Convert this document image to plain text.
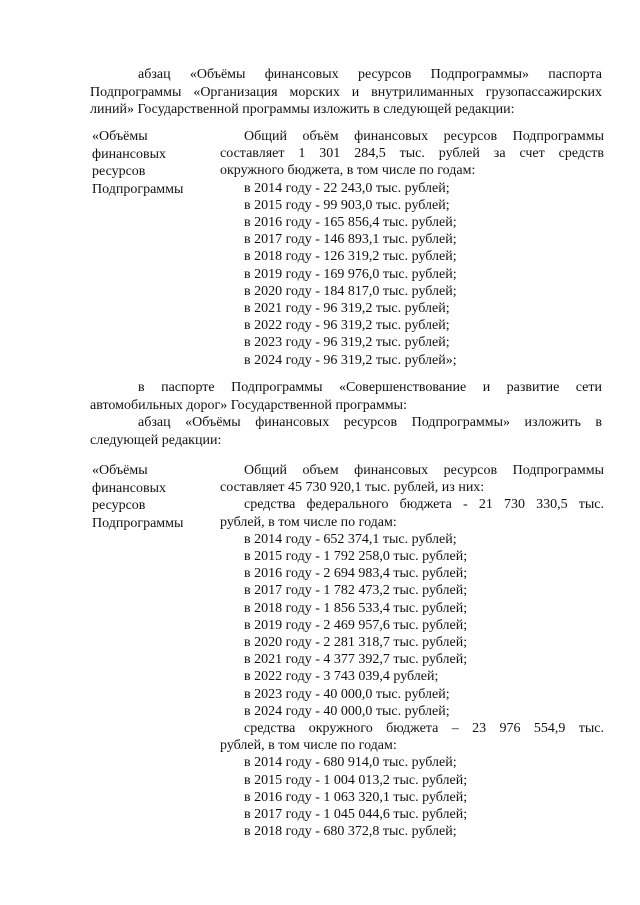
абзац «Объёмы финансовых ресурсов Подпрограммы» паспорта
Подпрограммы «Организация морских и внутрилиманных грузопассажирских
линий» Государственной программы изложить в следующей редакции:
«Объёмы
финансовых
ресурсов
Подпрограммы
Общий объём финансовых ресурсов Подпрограммы
составляет 1 301 284,5 тыс. рублей за счет средств
окружного бюджета, в том числе по годам:
в 2014 году - 22 243,0 тыс. рублей;
в 2015 году - 99 903,0 тыс. рублей;
в 2016 году - 165 856,4 тыс. рублей;
в 2017 году - 146 893,1 тыс. рублей;
в 2018 году - 126 319,2 тыс. рублей;
в 2019 году - 169 976,0 тыс. рублей;
в 2020 году - 184 817,0 тыс. рублей;
в 2021 году - 96 319,2 тыс. рублей;
в 2022 году - 96 319,2 тыс. рублей;
в 2023 году - 96 319,2 тыс. рублей;
в 2024 году - 96 319,2 тыс. рублей»;
в паспорте Подпрограммы «Совершенствование и развитие сети
автомобильных дорог» Государственной программы:
абзац «Объёмы финансовых ресурсов Подпрограммы» изложить в
следующей редакции:
«Объёмы
финансовых
ресурсов
Подпрограммы
Общий объем финансовых ресурсов Подпрограммы
составляет 45 730 920,1 тыс. рублей, из них:
средства федерального бюджета - 21 730 330,5 тыс.
рублей, в том числе по годам:
в 2014 году - 652 374,1 тыс. рублей;
в 2015 году - 1 792 258,0 тыс. рублей;
в 2016 году - 2 694 983,4 тыс. рублей;
в 2017 году - 1 782 473,2 тыс. рублей;
в 2018 году - 1 856 533,4 тыс. рублей;
в 2019 году - 2 469 957,6 тыс. рублей;
в 2020 году - 2 281 318,7 тыс. рублей;
в 2021 году - 4 377 392,7 тыс. рублей;
в 2022 году - 3 743 039,4 рублей;
в 2023 году - 40 000,0 тыс. рублей;
в 2024 году - 40 000,0 тыс. рублей;
средства окружного бюджета – 23 976 554,9 тыс.
рублей, в том числе по годам:
в 2014 году - 680 914,0 тыс. рублей;
в 2015 году - 1 004 013,2 тыс. рублей;
в 2016 году - 1 063 320,1 тыс. рублей;
в 2017 году - 1 045 044,6 тыс. рублей;
в 2018 году - 680 372,8 тыс. рублей;
